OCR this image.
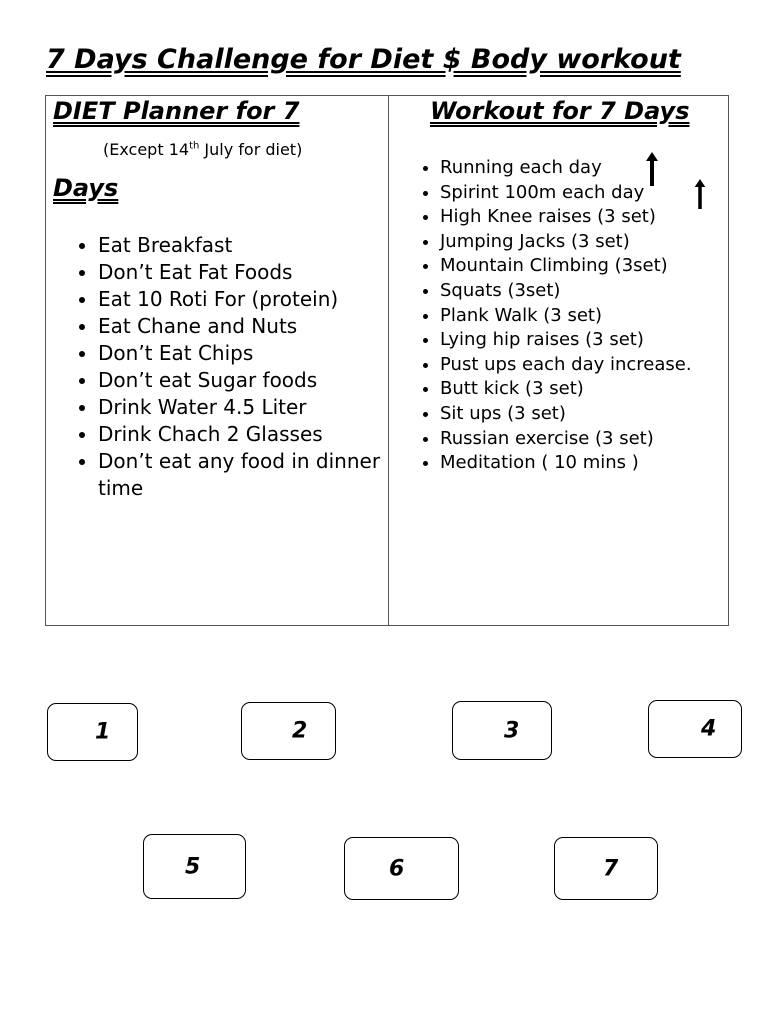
7 Days Challenge for Diet $ Body workout
DIET Planner for 7
(Except 14th July for diet)
Days
• Eat Breakfast
• Don’t Eat Fat Foods
• Eat 10 Roti For (protein)
• Eat Chane and Nuts
• Don’t Eat Chips
• Don’t eat Sugar foods
• Drink Water 4.5 Liter
• Drink Chach 2 Glasses
• Don’t eat any food in dinner time
Workout for 7 Days
• Running each day
• Spirint 100m each day
• High Knee raises (3 set)
• Jumping Jacks (3 set)
• Mountain Climbing (3set)
• Squats (3set)
• Plank Walk (3 set)
• Lying hip raises (3 set)
• Pust ups each day increase.
• Butt kick (3 set)
• Sit ups (3 set)
• Russian exercise (3 set)
• Meditation ( 10 mins )
1	2	3	4
5	6	7
